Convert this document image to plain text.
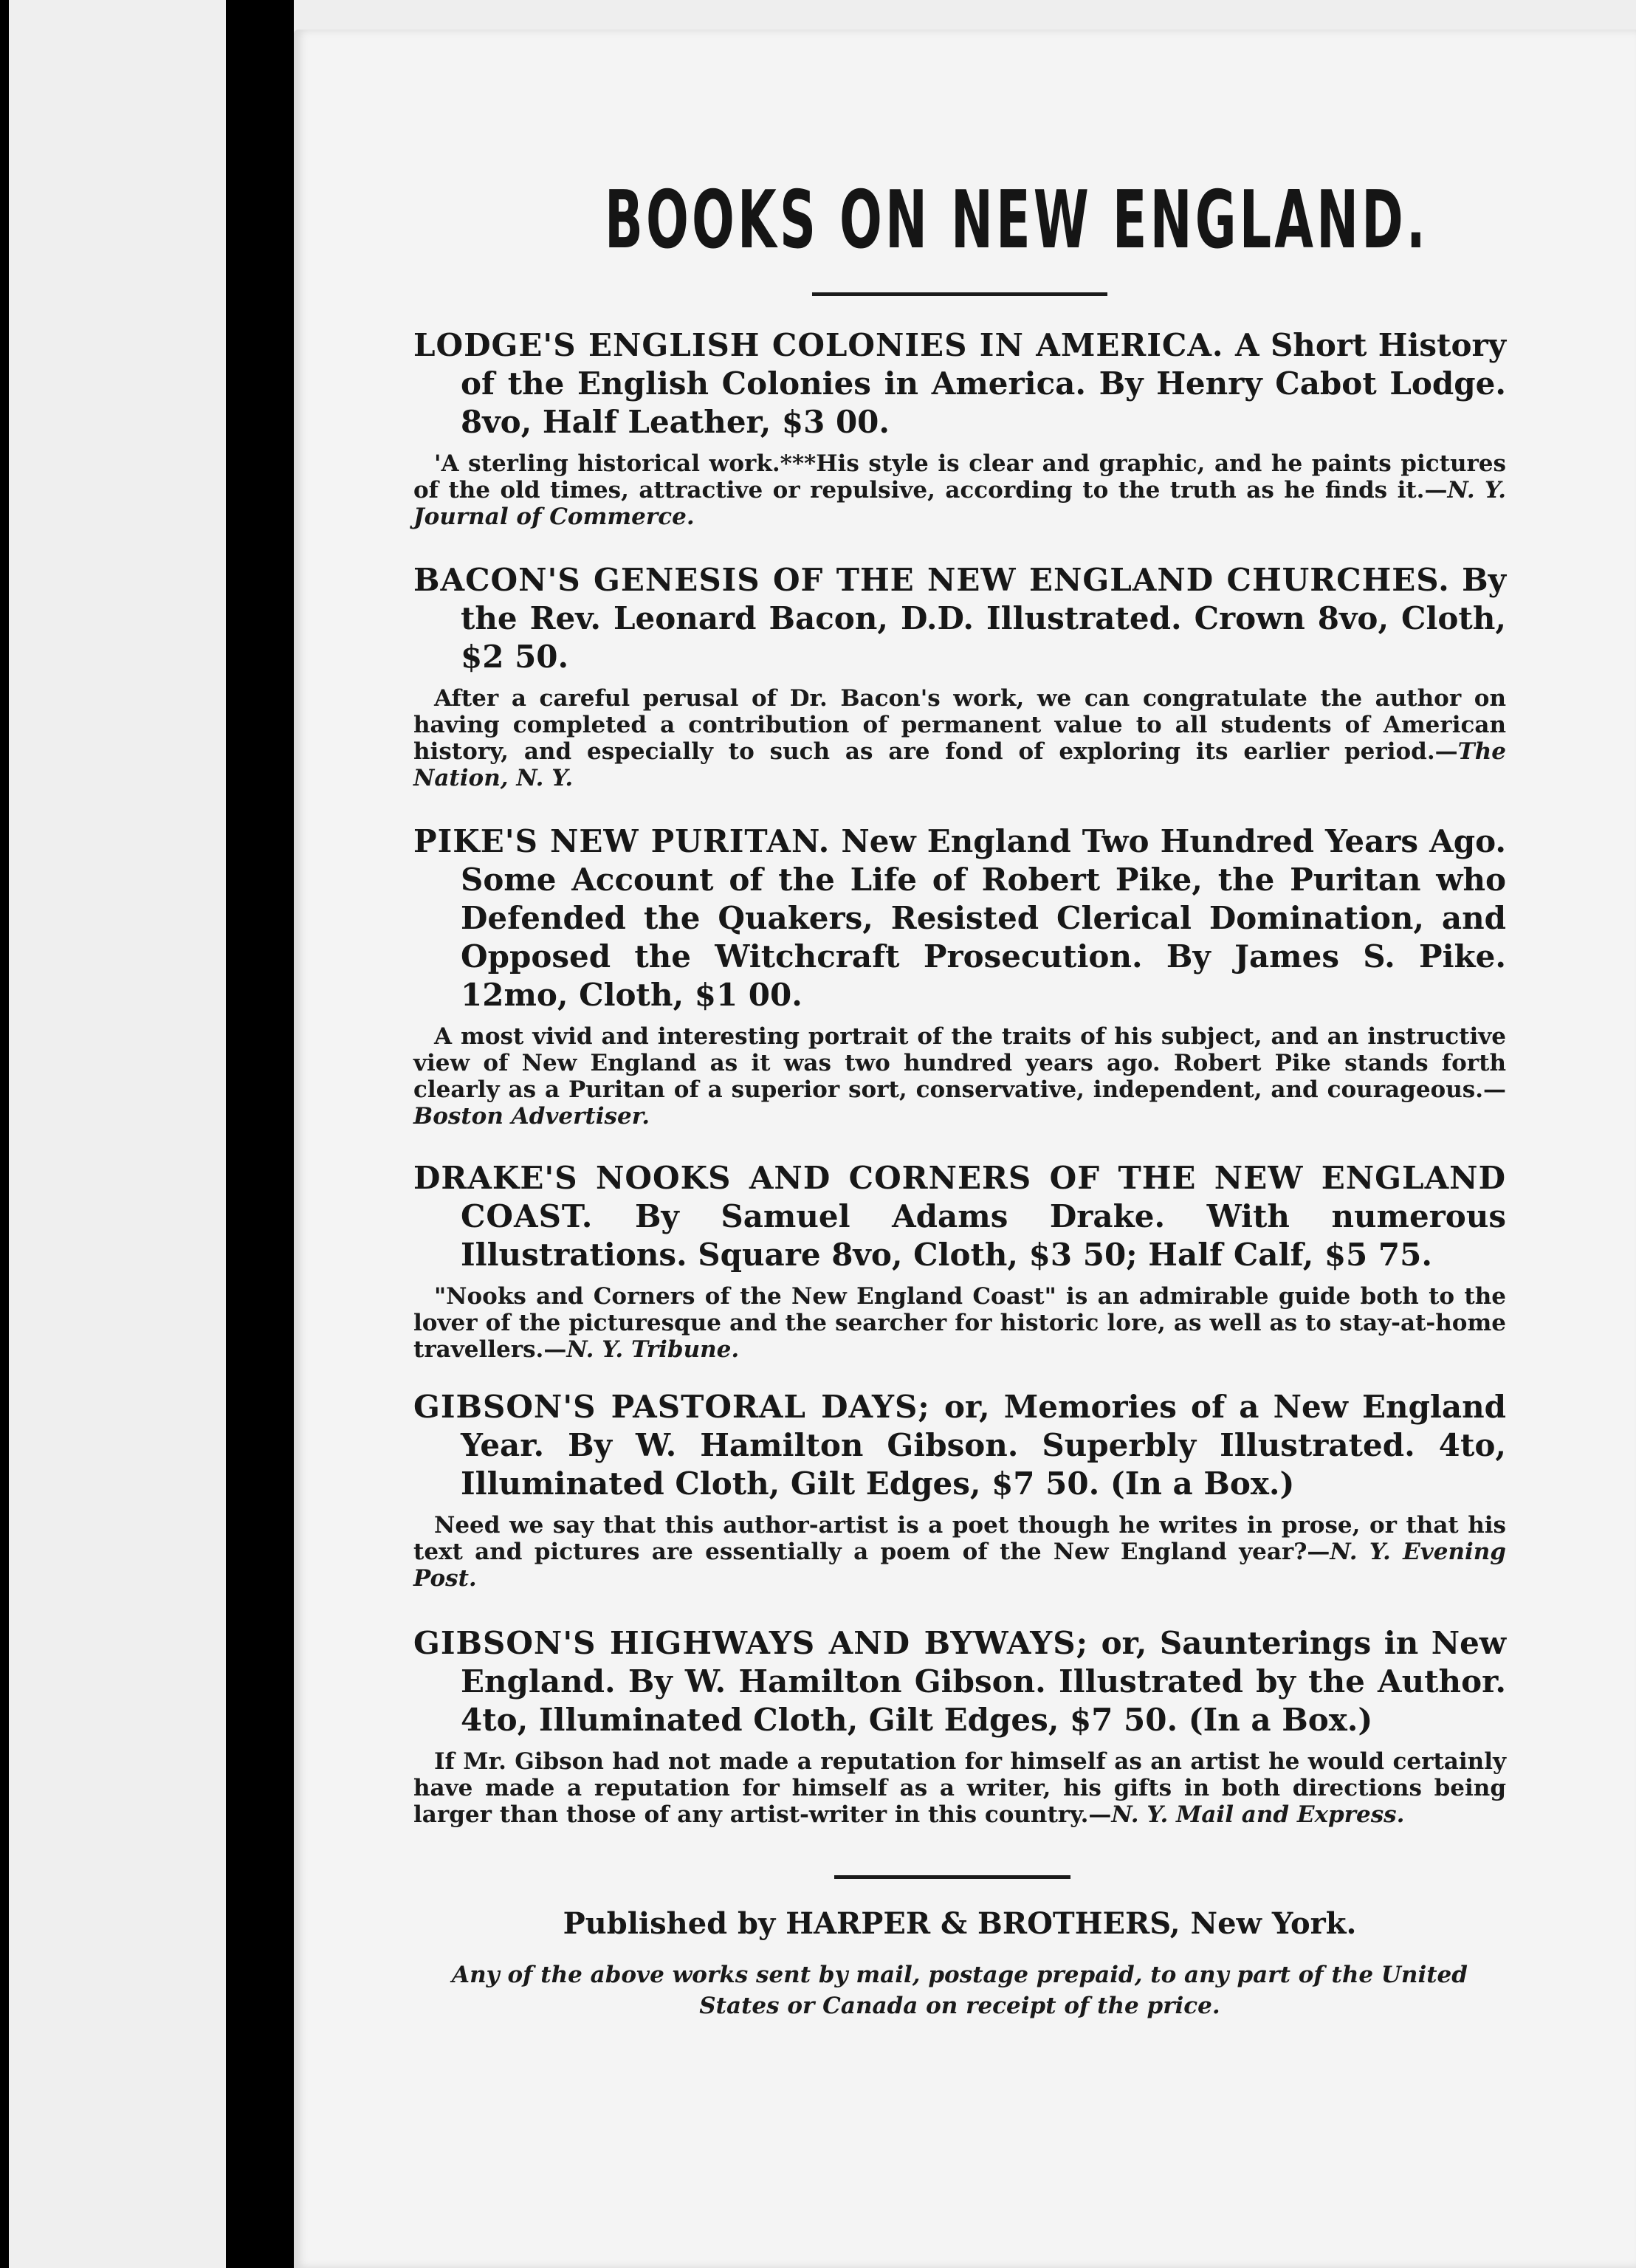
BOOKS ON NEW ENGLAND.
LODGE'S ENGLISH COLONIES IN AMERICA. A Short History of the English Colonies in America. By Henry Cabot Lodge. 8vo, Half Leather, $3 00.
'A sterling historical work.***His style is clear and graphic, and he paints pictures of the old times, attractive or repulsive, according to the truth as he finds it.—N. Y. Journal of Commerce.
BACON'S GENESIS OF THE NEW ENGLAND CHURCHES. By the Rev. Leonard Bacon, D.D. Illustrated. Crown 8vo, Cloth, $2 50.
After a careful perusal of Dr. Bacon's work, we can congratulate the author on having completed a contribution of permanent value to all students of American history, and especially to such as are fond of exploring its earlier period.—The Nation, N. Y.
PIKE'S NEW PURITAN. New England Two Hundred Years Ago. Some Account of the Life of Robert Pike, the Puritan who Defended the Quakers, Resisted Clerical Domination, and Opposed the Witchcraft Prosecution. By James S. Pike. 12mo, Cloth, $1 00.
A most vivid and interesting portrait of the traits of his subject, and an instructive view of New England as it was two hundred years ago. Robert Pike stands forth clearly as a Puritan of a superior sort, conservative, independent, and courageous.—Boston Advertiser.
DRAKE'S NOOKS AND CORNERS OF THE NEW ENGLAND COAST. By Samuel Adams Drake. With numerous Illustrations. Square 8vo, Cloth, $3 50; Half Calf, $5 75.
"Nooks and Corners of the New England Coast" is an admirable guide both to the lover of the picturesque and the searcher for historic lore, as well as to stay-at-home travellers.—N. Y. Tribune.
GIBSON'S PASTORAL DAYS; or, Memories of a New England Year. By W. Hamilton Gibson. Superbly Illustrated. 4to, Illuminated Cloth, Gilt Edges, $7 50. (In a Box.)
Need we say that this author-artist is a poet though he writes in prose, or that his text and pictures are essentially a poem of the New England year?—N. Y. Evening Post.
GIBSON'S HIGHWAYS AND BYWAYS; or, Saunterings in New England. By W. Hamilton Gibson. Illustrated by the Author. 4to, Illuminated Cloth, Gilt Edges, $7 50. (In a Box.)
If Mr. Gibson had not made a reputation for himself as an artist he would certainly have made a reputation for himself as a writer, his gifts in both directions being larger than those of any artist-writer in this country.—N. Y. Mail and Express.
Published by HARPER & BROTHERS, New York.
Any of the above works sent by mail, postage prepaid, to any part of the United States or Canada on receipt of the price.
